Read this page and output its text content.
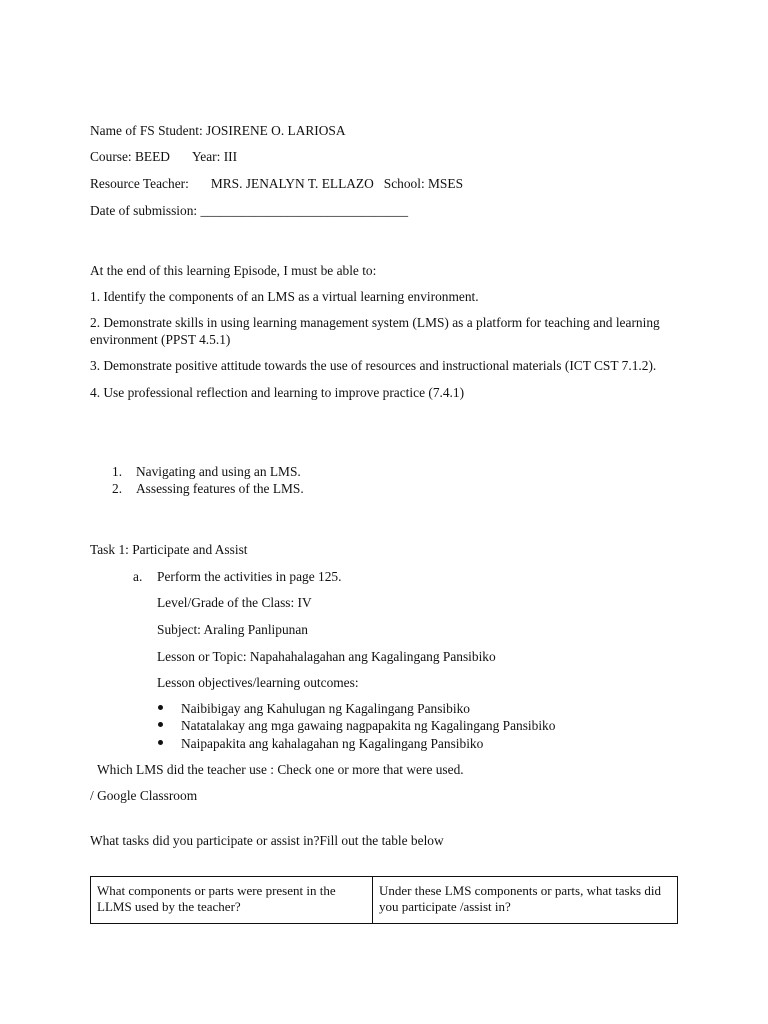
Name of FS Student: JOSIRENE O. LARIOSA
Course: BEED Year: III
Resource Teacher: MRS. JENALYN T. ELLAZO School: MSES
Date of submission: _______________________________
At the end of this learning Episode, I must be able to:
1. Identify the components of an LMS as a virtual learning environment.
2. Demonstrate skills in using learning management system (LMS) as a platform for teaching and learning environment (PPST 4.5.1)
3. Demonstrate positive attitude towards the use of resources and instructional materials (ICT CST 7.1.2).
4. Use professional reflection and learning to improve practice (7.4.1)
1.	Navigating and using an LMS.
2.	Assessing features of the LMS.
Task 1: Participate and Assist
a. Perform the activities in page 125.
Level/Grade of the Class: IV
Subject: Araling Panlipunan
Lesson or Topic: Napahahalagahan ang Kagalingang Pansibiko
Lesson objectives/learning outcomes:
Naibibigay ang Kahulugan ng Kagalingang Pansibiko
Natatalakay ang mga gawaing nagpapakita ng Kagalingang Pansibiko
Naipapakita ang kahalagahan ng Kagalingang Pansibiko
Which LMS did the teacher use : Check one or more that were used.
/ Google Classroom
What tasks did you participate or assist in?Fill out the table below
What components or parts were present in the LLMS used by the teacher?
Under these LMS components or parts, what tasks did you participate /assist in?
